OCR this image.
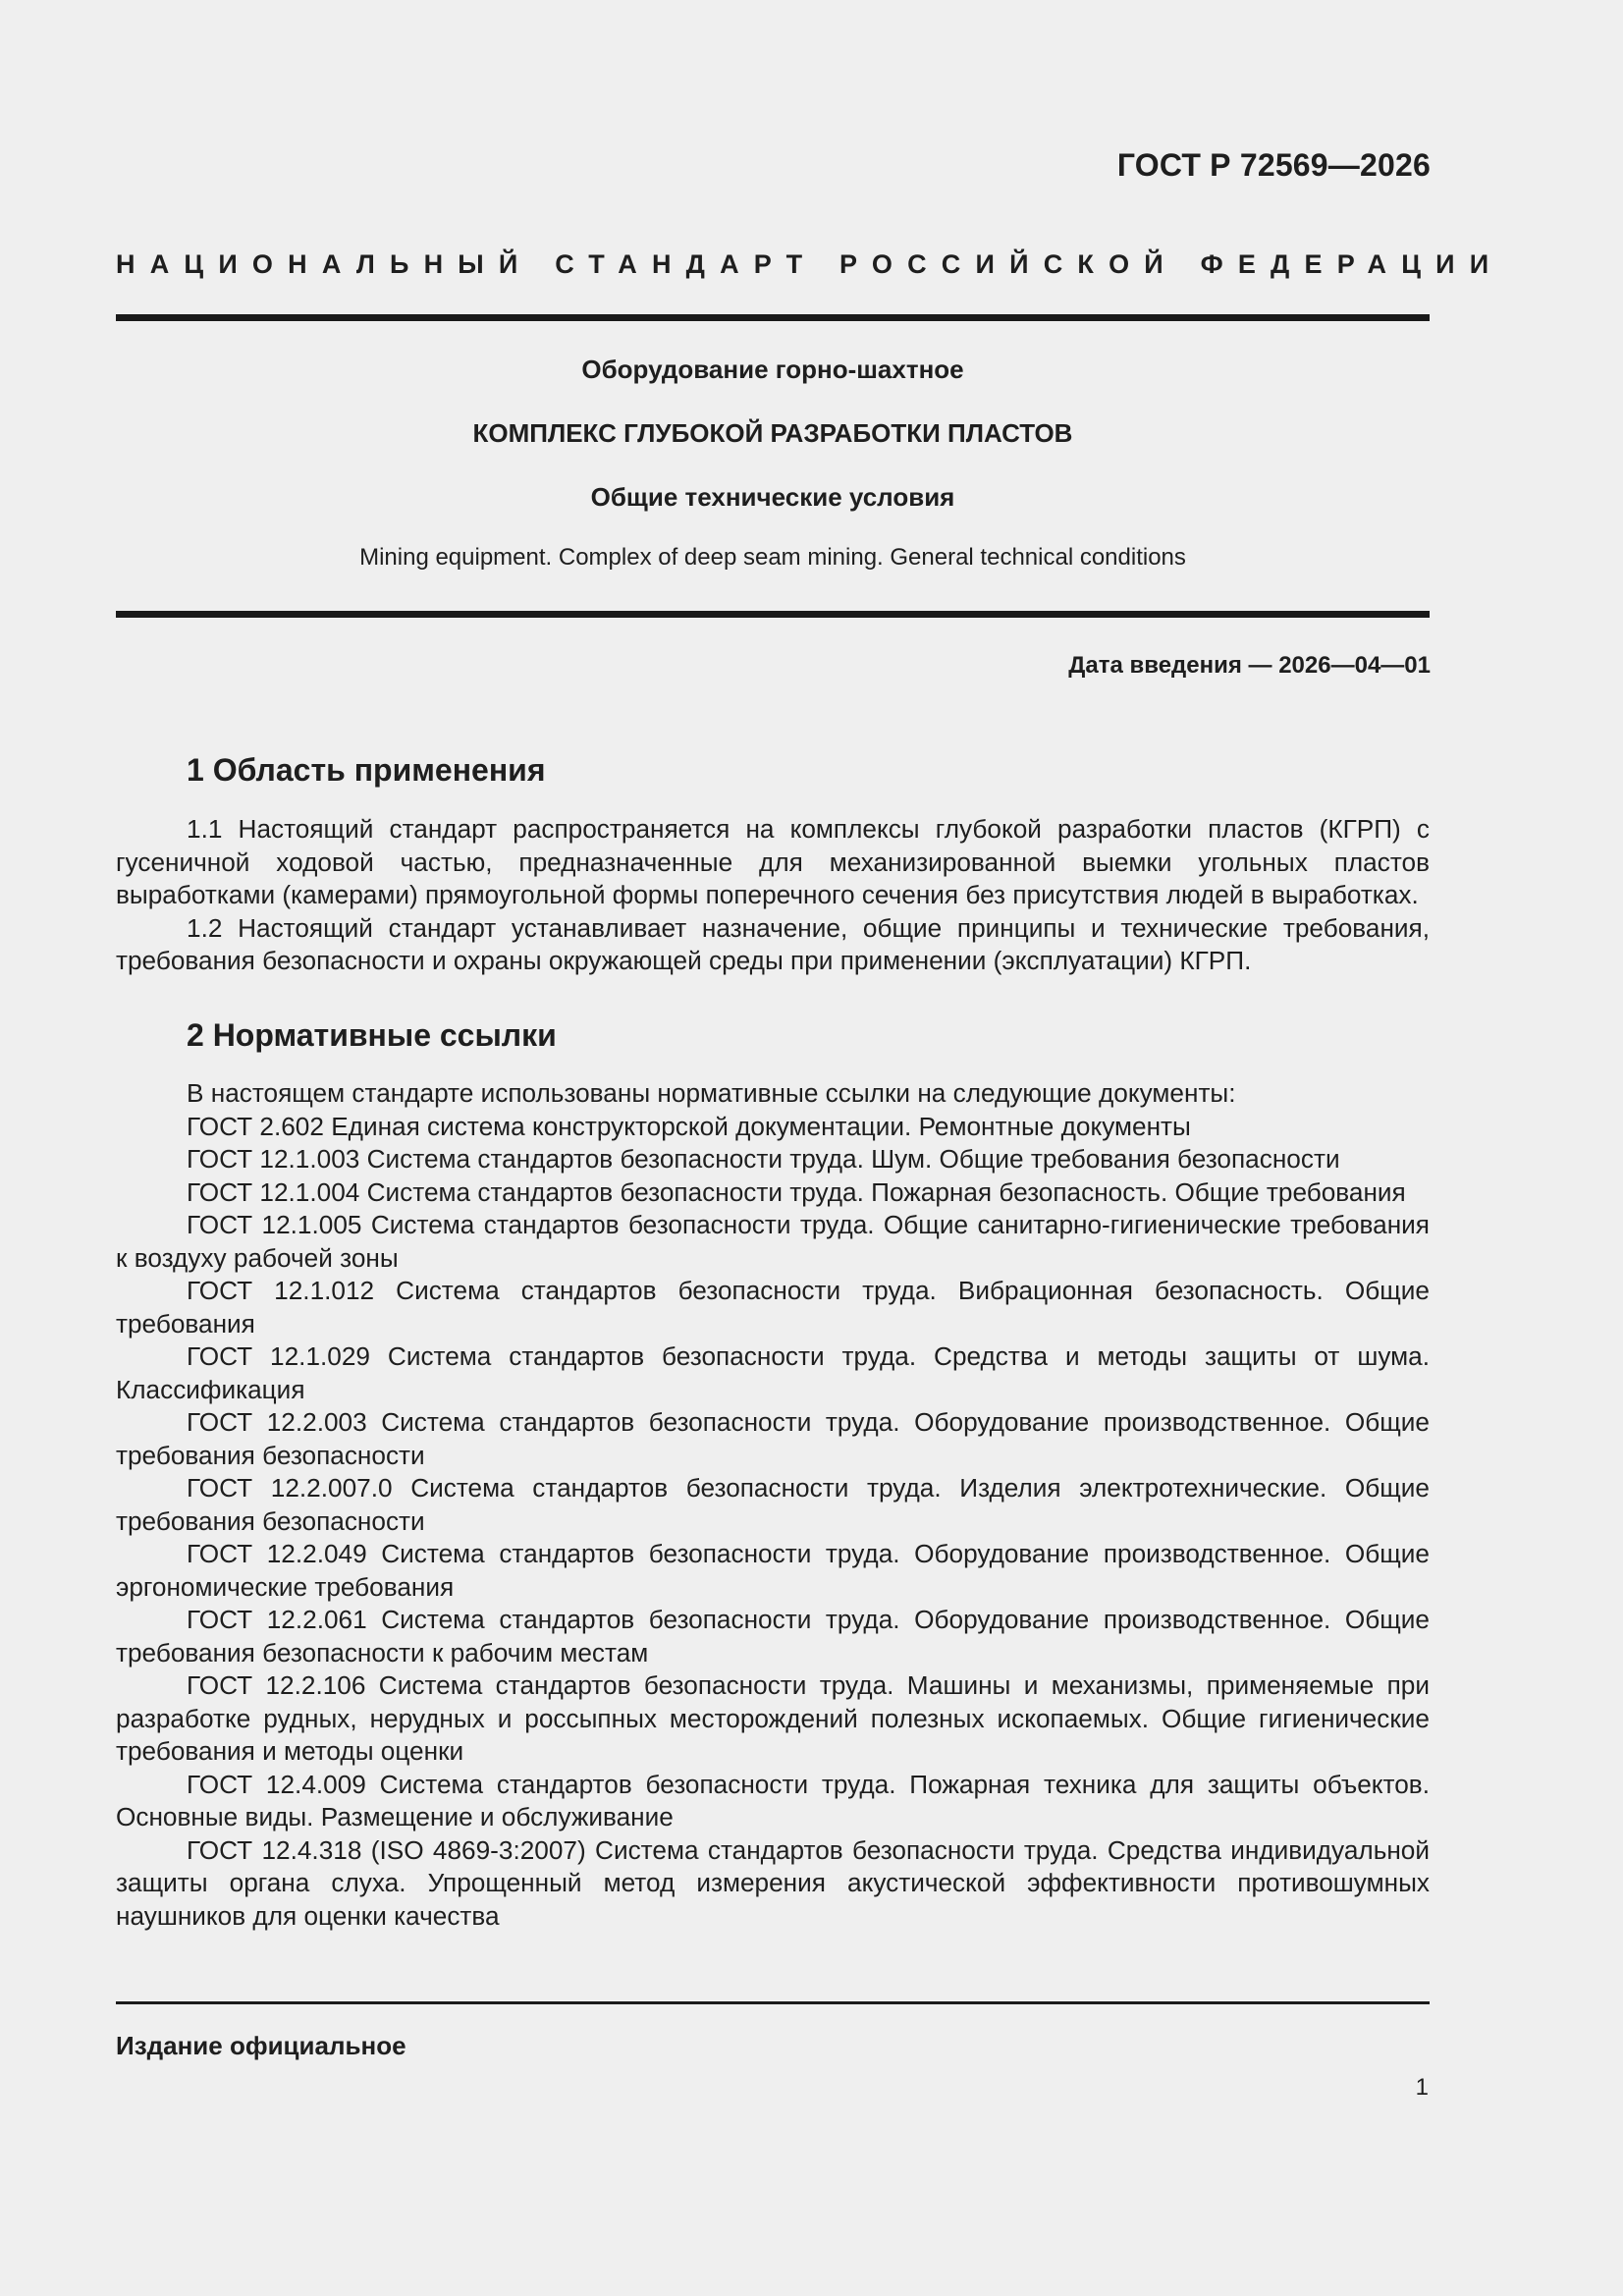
ГОСТ Р 72569—2026
НАЦИОНАЛЬНЫЙ СТАНДАРТ РОССИЙСКОЙ ФЕДЕРАЦИИ
Оборудование горно-шахтное
КОМПЛЕКС ГЛУБОКОЙ РАЗРАБОТКИ ПЛАСТОВ
Общие технические условия
Mining equipment. Complex of deep seam mining. General technical conditions
Дата введения — 2026—04—01
1 Область применения

1.1 Настоящий стандарт распространяется на комплексы глубокой разработки пластов (КГРП) с гусеничной ходовой частью, предназначенные для механизированной выемки угольных пластов выработками (камерами) прямоугольной формы поперечного сечения без присутствия людей в выработках.

1.2 Настоящий стандарт устанавливает назначение, общие принципы и технические требования, требования безопасности и охраны окружающей среды при применении (эксплуатации) КГРП.

2 Нормативные ссылки

В настоящем стандарте использованы нормативные ссылки на следующие документы:

ГОСТ 2.602 Единая система конструкторской документации. Ремонтные документы

ГОСТ 12.1.003 Система стандартов безопасности труда. Шум. Общие требования безопасности

ГОСТ 12.1.004 Система стандартов безопасности труда. Пожарная безопасность. Общие требования

ГОСТ 12.1.005 Система стандартов безопасности труда. Общие санитарно-гигиенические требования к воздуху рабочей зоны

ГОСТ 12.1.012 Система стандартов безопасности труда. Вибрационная безопасность. Общие требования

ГОСТ 12.1.029 Система стандартов безопасности труда. Средства и методы защиты от шума. Классификация

ГОСТ 12.2.003 Система стандартов безопасности труда. Оборудование производственное. Общие требования безопасности

ГОСТ 12.2.007.0 Система стандартов безопасности труда. Изделия электротехнические. Общие требования безопасности

ГОСТ 12.2.049 Система стандартов безопасности труда. Оборудование производственное. Общие эргономические требования

ГОСТ 12.2.061 Система стандартов безопасности труда. Оборудование производственное. Общие требования безопасности к рабочим местам

ГОСТ 12.2.106 Система стандартов безопасности труда. Машины и механизмы, применяемые при разработке рудных, нерудных и россыпных месторождений полезных ископаемых. Общие гигиенические требования и методы оценки

ГОСТ 12.4.009 Система стандартов безопасности труда. Пожарная техника для защиты объектов. Основные виды. Размещение и обслуживание

ГОСТ 12.4.318 (ISO 4869-3:2007) Система стандартов безопасности труда. Средства индивидуальной защиты органа слуха. Упрощенный метод измерения акустической эффективности противошумных наушников для оценки качества

Издание официальное
1
